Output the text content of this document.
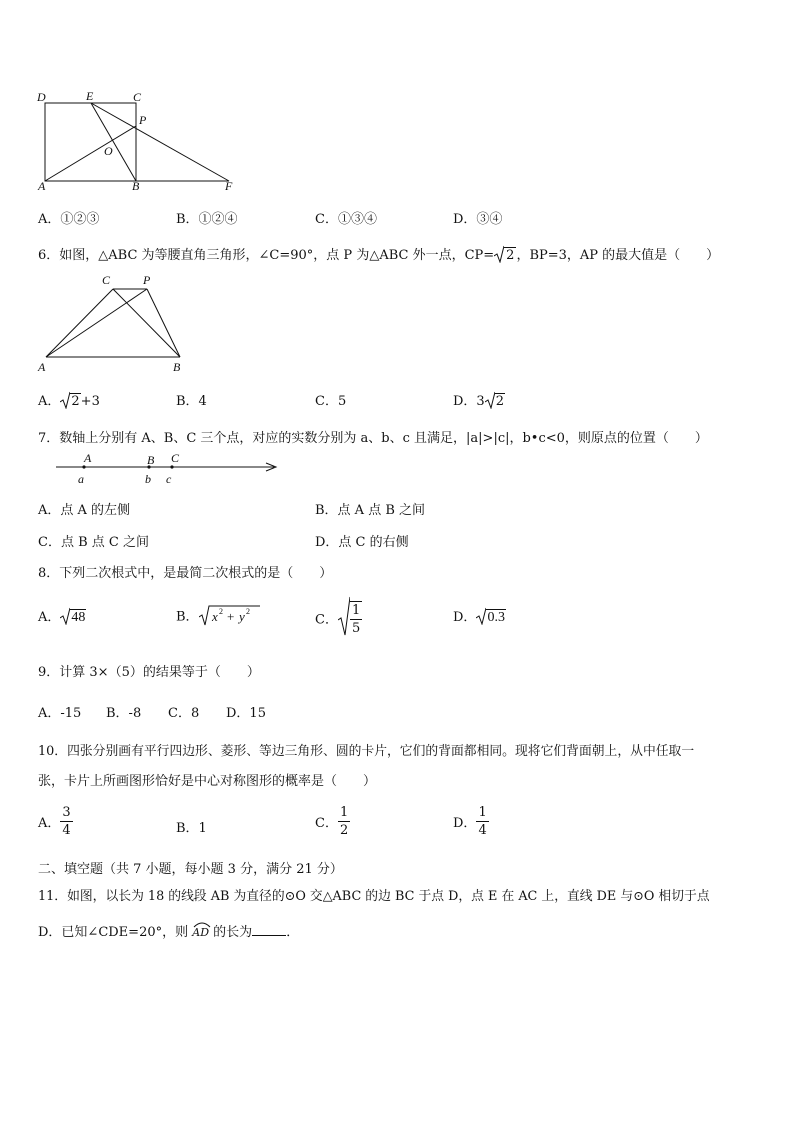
D	E	C
P
O
A	B	F
A．①②③	B．①②④	C．①③④	D．③④
6．如图，△ABC 为等腰直角三角形，∠C=90°，点 P 为△ABC 外一点，CP= 2 ，BP=3，AP 的最大值是（　　）
C	P
A	B
A． 2+3	B．4	C．5	D．3 2
7．数轴上分别有 A、B、C 三个点，对应的实数分别为 a、b、c 且满足，|a|>|c|，b•c<0，则原点的位置（　　）
A	B C
a	b c
A．点 A 的左侧	B．点 A 点 B 之间
C．点 B 点 C 之间	D．点 C 的右侧
8．下列二次根式中，是最简二次根式的是（　　）
A． 48	B． x 2 + y 2
C． $\frac{1}{5}$	D． 0.3
9．计算 3×（5）的结果等于（　　）
A．-15 B．-8 C．8 D．15
10．四张分别画有平行四边形、菱形、等边三角形、圆的卡片，它们的背面都相同。现将它们背面朝上，从中任取一
张，卡片上所画图形恰好是中心对称图形的概率是（　　）
A． $\frac{3}{4}$	B．1	C． $\frac{1}{2}$	D． $\frac{1}{4}$
二、填空题（共 7 小题，每小题 3 分，满分 21 分）
11．如图，以长为 18 的线段 AB 为直径的⊙O 交△ABC 的边 BC 于点 D，点 E 在 AC 上，直线 DE 与⊙O 相切于点
D．已知∠CDE=20°，则 AD 的长为	．
